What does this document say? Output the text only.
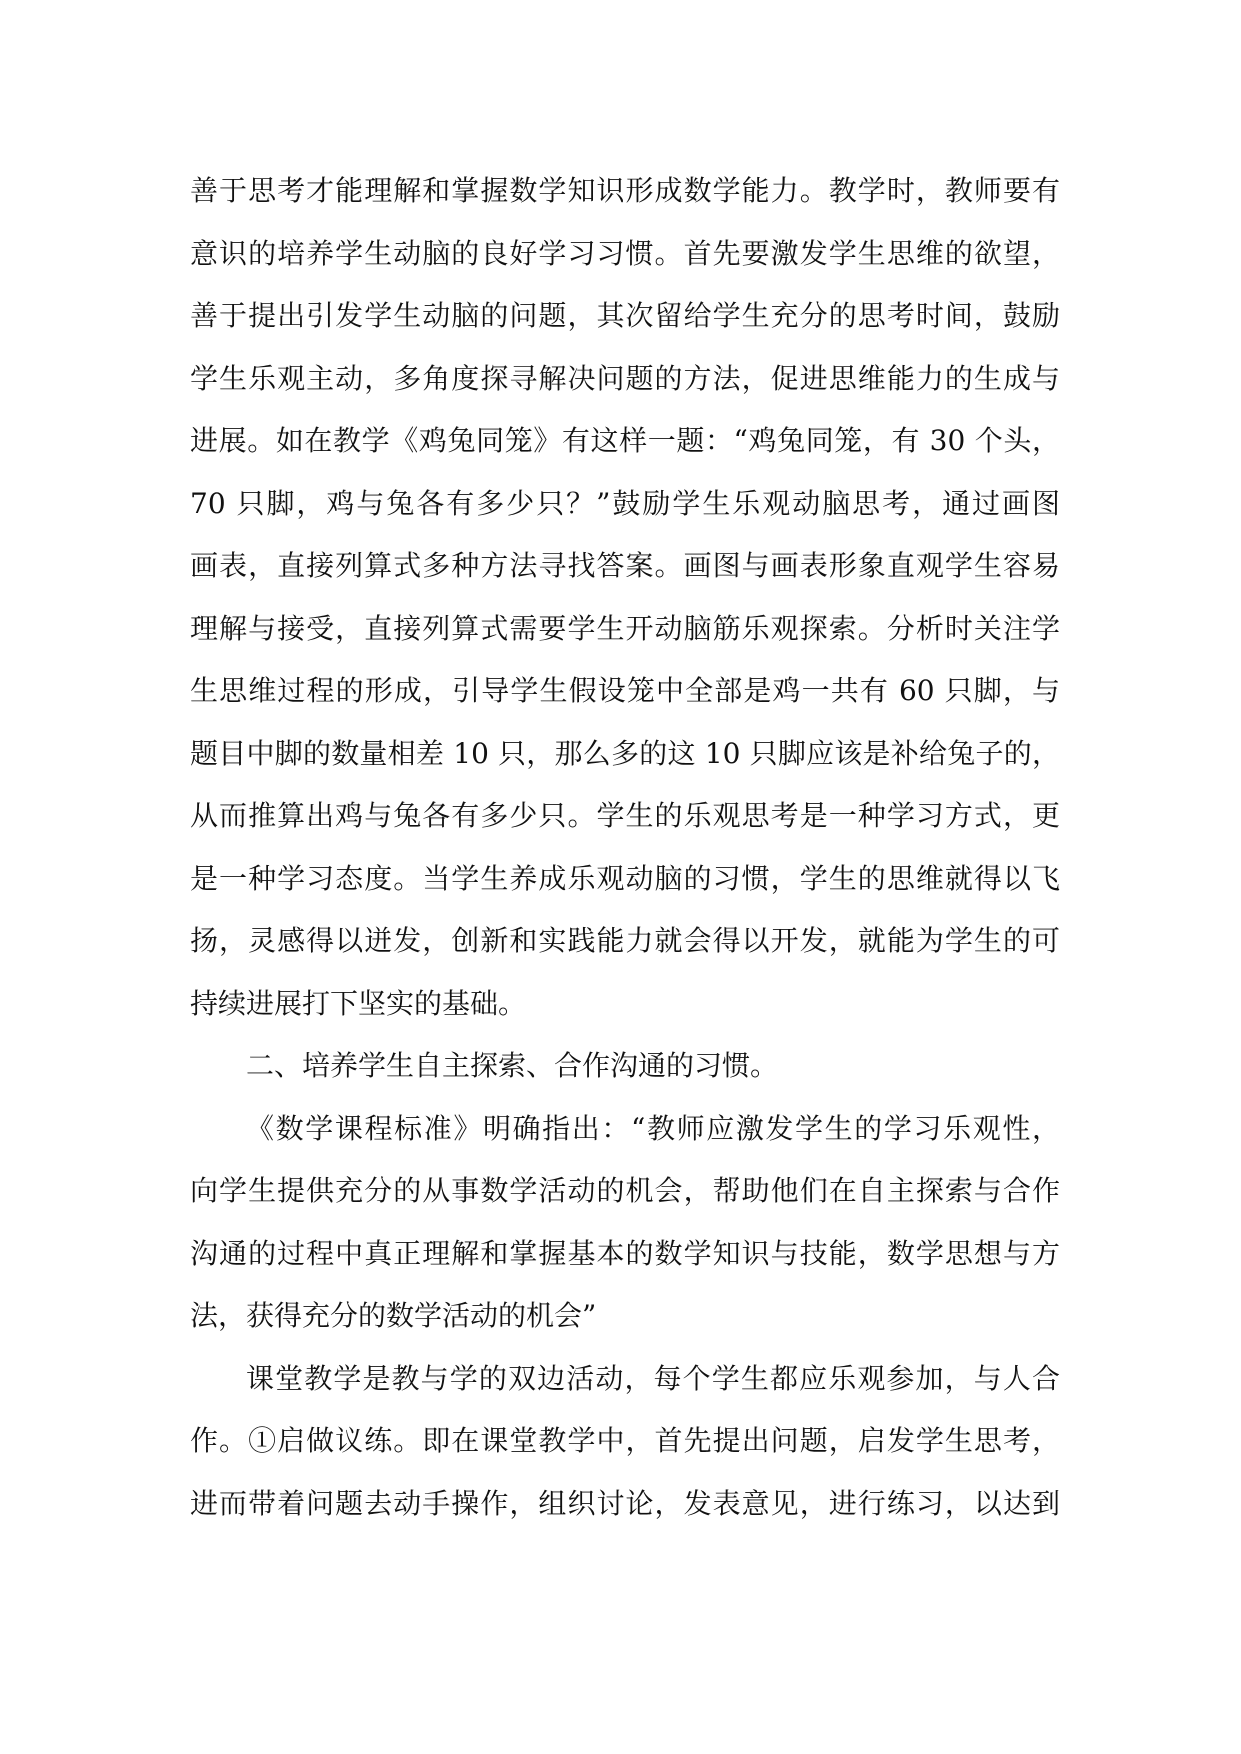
善于思考才能理解和掌握数学知识形成数学能力。教学时，教师要有
意识的培养学生动脑的良好学习习惯。首先要激发学生思维的欲望，
善于提出引发学生动脑的问题，其次留给学生充分的思考时间，鼓励
学生乐观主动，多角度探寻解决问题的方法，促进思维能力的生成与
进展。如在教学《鸡兔同笼》有这样一题：“鸡兔同笼，有 30 个头，
70 只脚，鸡与兔各有多少只？”鼓励学生乐观动脑思考，通过画图
画表，直接列算式多种方法寻找答案。画图与画表形象直观学生容易
理解与接受，直接列算式需要学生开动脑筋乐观探索。分析时关注学
生思维过程的形成，引导学生假设笼中全部是鸡一共有 60 只脚，与
题目中脚的数量相差 10 只，那么多的这 10 只脚应该是补给兔子的，
从而推算出鸡与兔各有多少只。学生的乐观思考是一种学习方式，更
是一种学习态度。当学生养成乐观动脑的习惯，学生的思维就得以飞
扬，灵感得以迸发，创新和实践能力就会得以开发，就能为学生的可
持续进展打下坚实的基础。
二、培养学生自主探索、合作沟通的习惯。
《数学课程标准》明确指出：“教师应激发学生的学习乐观性，
向学生提供充分的从事数学活动的机会，帮助他们在自主探索与合作
沟通的过程中真正理解和掌握基本的数学知识与技能，数学思想与方
法，获得充分的数学活动的机会”
课堂教学是教与学的双边活动，每个学生都应乐观参加，与人合
作。①启做议练。即在课堂教学中，首先提出问题，启发学生思考，
进而带着问题去动手操作，组织讨论，发表意见，进行练习，以达到
